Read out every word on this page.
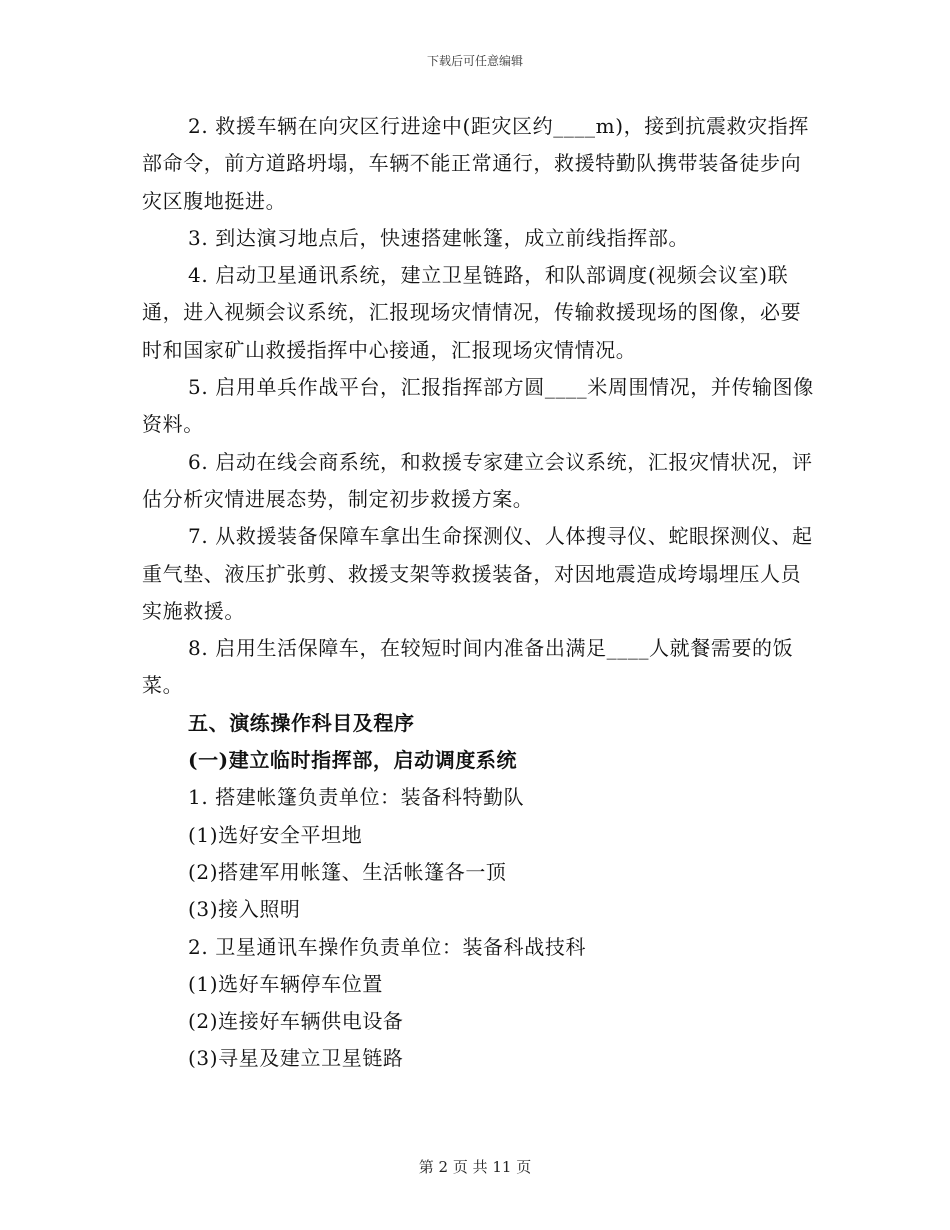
下载后可任意编辑

2. 救援车辆在向灾区行进途中(距灾区约____m)，接到抗震救灾指挥部命令，前方道路坍塌，车辆不能正常通行，救援特勤队携带装备徒步向灾区腹地挺进。

3. 到达演习地点后，快速搭建帐篷，成立前线指挥部。

4. 启动卫星通讯系统，建立卫星链路，和队部调度(视频会议室)联通，进入视频会议系统，汇报现场灾情情况，传输救援现场的图像，必要时和国家矿山救援指挥中心接通，汇报现场灾情情况。

5. 启用单兵作战平台，汇报指挥部方圆____米周围情况，并传输图像资料。

6. 启动在线会商系统，和救援专家建立会议系统，汇报灾情状况，评估分析灾情进展态势，制定初步救援方案。

7. 从救援装备保障车拿出生命探测仪、人体搜寻仪、蛇眼探测仪、起重气垫、液压扩张剪、救援支架等救援装备，对因地震造成垮塌埋压人员实施救援。

8. 启用生活保障车，在较短时间内准备出满足____人就餐需要的饭菜。

五、演练操作科目及程序

(一)建立临时指挥部，启动调度系统

1. 搭建帐篷负责单位：装备科特勤队

(1)选好安全平坦地

(2)搭建军用帐篷、生活帐篷各一顶

(3)接入照明

2. 卫星通讯车操作负责单位：装备科战技科

(1)选好车辆停车位置

(2)连接好车辆供电设备

(3)寻星及建立卫星链路

第 2 页 共 11 页
